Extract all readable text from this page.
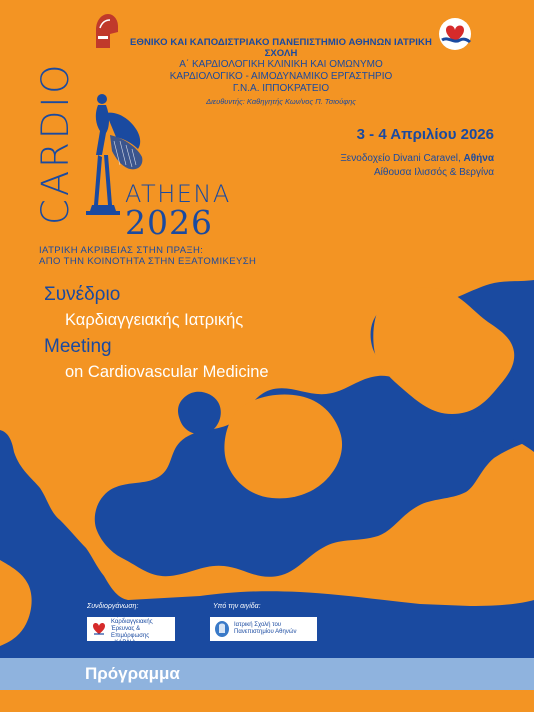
ΕΘΝΙΚΟ ΚΑΙ ΚΑΠΟΔΙΣΤΡΙΑΚΟ ΠΑΝΕΠΙΣΤΗΜΙΟ ΑΘΗΝΩΝ ΙΑΤΡΙΚΗ ΣΧΟΛΗ
Α΄ ΚΑΡΔΙΟΛΟΓΙΚΗ ΚΛΙΝΙΚΗ ΚΑΙ ΟΜΩΝΥΜΟ
ΚΑΡΔΙΟΛΟΓΙΚΟ - ΑΙΜΟΔΥΝΑΜΙΚΟ ΕΡΓΑΣΤΗΡΙΟ
Γ.Ν.Α. ΙΠΠΟΚΡΑΤΕΙΟ
Διευθυντής: Καθηγητής Κων/νος Π. Τσιούφης
3 - 4 Απριλίου 2026
Ξενοδοχείο Divani Caravel, Αθήνα
Αίθουσα Ιλισσός & Βεργίνα
CARDIO ATHENA
2026
ΙΑΤΡΙΚΗ ΑΚΡΙΒΕΙΑΣ ΣΤΗΝ ΠΡΑΞΗ:
ΑΠΟ ΤΗΝ ΚΟΙΝΟΤΗΤΑ ΣΤΗΝ ΕΞΑΤΟΜΙΚΕΥΣΗ
Συνέδριο
Καρδιαγγειακής Ιατρικής
Meeting
on Cardiovascular Medicine
Συνδιοργάνωση:	Υπό την αιγίδα:
Ίδρυμα Καρδιαγγειακής
Έρευνας & Επιμόρφωσης
«ΚΑΡΔΙΑ»
Ιατρική Σχολή του
Πανεπιστημίου Αθηνών
Πρόγραμμα
